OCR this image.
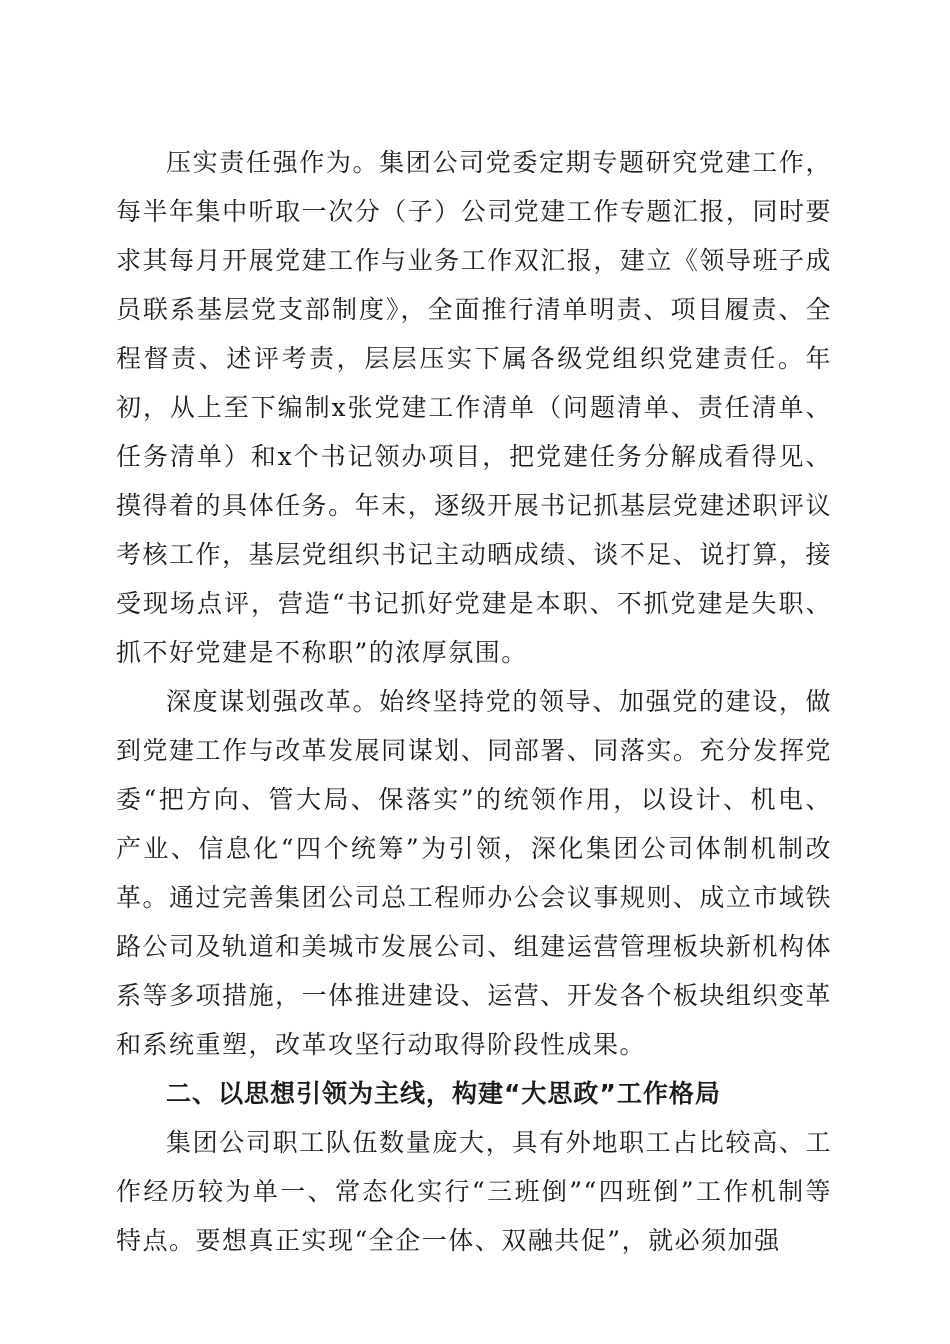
压实责任强作为。集团公司党委定期专题研究党建工作，每半年集中听取一次分（子）公司党建工作专题汇报，同时要求其每月开展党建工作与业务工作双汇报，建立《领导班子成员联系基层党支部制度》，全面推行清单明责、项目履责、全程督责、述评考责，层层压实下属各级党组织党建责任。年初，从上至下编制x张党建工作清单（问题清单、责任清单、任务清单）和x个书记领办项目，把党建任务分解成看得见、摸得着的具体任务。年末，逐级开展书记抓基层党建述职评议考核工作，基层党组织书记主动晒成绩、谈不足、说打算，接受现场点评，营造“书记抓好党建是本职、不抓党建是失职、抓不好党建是不称职”的浓厚氛围。

深度谋划强改革。始终坚持党的领导、加强党的建设，做到党建工作与改革发展同谋划、同部署、同落实。充分发挥党委“把方向、管大局、保落实”的统领作用，以设计、机电、产业、信息化“四个统筹”为引领，深化集团公司体制机制改革。通过完善集团公司总工程师办公会议事规则、成立市域铁路公司及轨道和美城市发展公司、组建运营管理板块新机构体系等多项措施，一体推进建设、运营、开发各个板块组织变革和系统重塑，改革攻坚行动取得阶段性成果。

二、以思想引领为主线，构建“大思政”工作格局

集团公司职工队伍数量庞大，具有外地职工占比较高、工作经历较为单一、常态化实行“三班倒”“四班倒”工作机制等特点。要想真正实现“全企一体、双融共促”，就必须加强
